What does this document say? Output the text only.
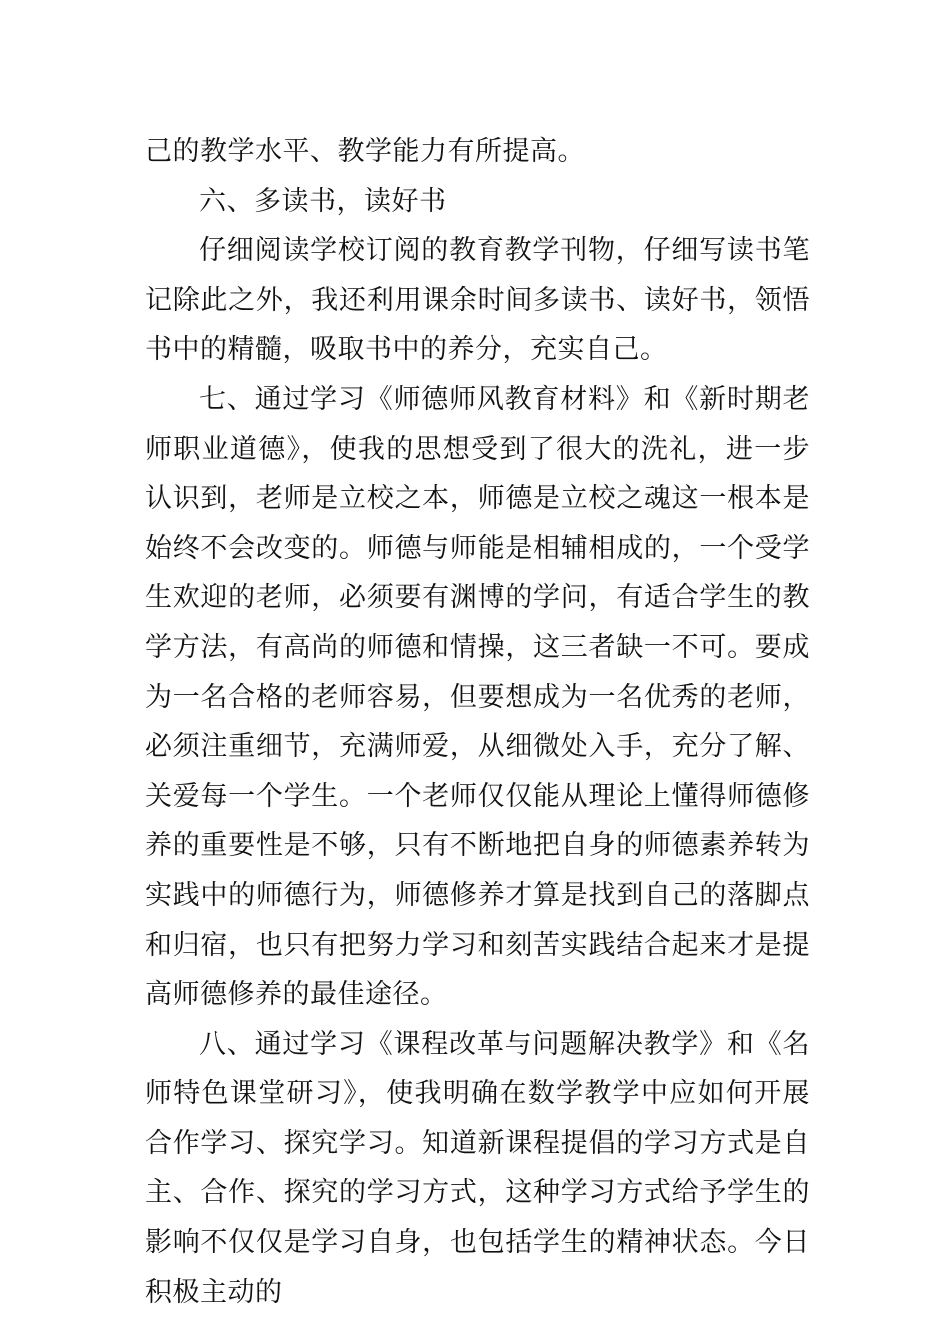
己的教学水平、教学能力有所提高。

六、多读书，读好书

仔细阅读学校订阅的教育教学刊物，仔细写读书笔记除此之外，我还利用课余时间多读书、读好书，领悟书中的精髓，吸取书中的养分，充实自己。

七、通过学习《师德师风教育材料》和《新时期老师职业道德》，使我的思想受到了很大的洗礼，进一步认识到，老师是立校之本，师德是立校之魂这一根本是始终不会改变的。师德与师能是相辅相成的，一个受学生欢迎的老师，必须要有渊博的学问，有适合学生的教学方法，有高尚的师德和情操，这三者缺一不可。要成为一名合格的老师容易，但要想成为一名优秀的老师，必须注重细节，充满师爱，从细微处入手，充分了解、关爱每一个学生。一个老师仅仅能从理论上懂得师德修养的重要性是不够，只有不断地把自身的师德素养转为实践中的师德行为，师德修养才算是找到自己的落脚点和归宿，也只有把努力学习和刻苦实践结合起来才是提高师德修养的最佳途径。

八、通过学习《课程改革与问题解决教学》和《名师特色课堂研习》，使我明确在数学教学中应如何开展合作学习、探究学习。知道新课程提倡的学习方式是自主、合作、探究的学习方式，这种学习方式给予学生的影响不仅仅是学习自身，也包括学生的精神状态。今日积极主动的
